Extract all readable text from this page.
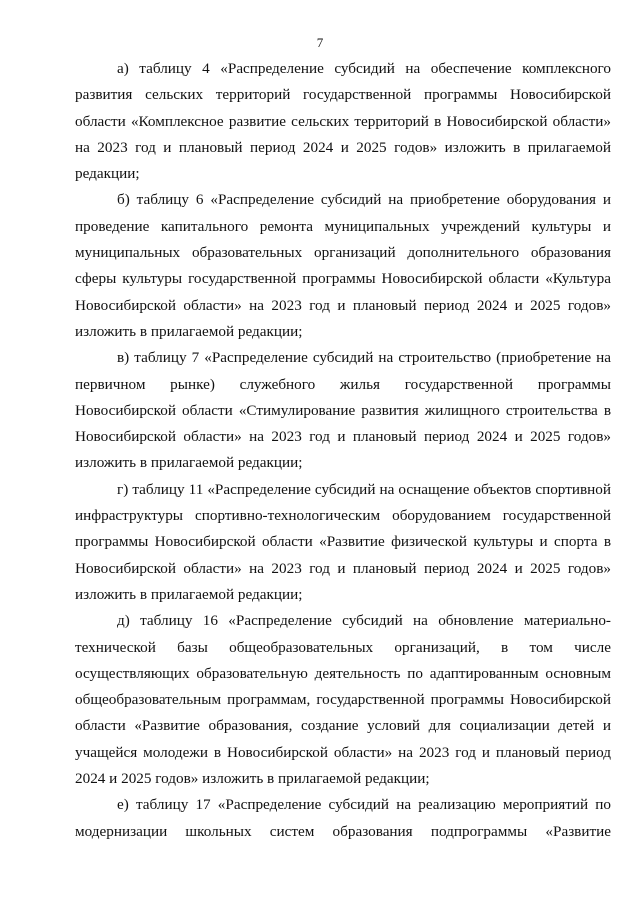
7

а) таблицу 4 «Распределение субсидий на обеспечение комплексного
развития сельских территорий государственной программы Новосибирской
области «Комплексное развитие сельских территорий в Новосибирской области»
на 2023 год и плановый период 2024 и 2025 годов» изложить в прилагаемой
редакции;

б) таблицу 6 «Распределение субсидий на приобретение оборудования и
проведение капитального ремонта муниципальных учреждений культуры и
муниципальных образовательных организаций дополнительного образования
сферы культуры государственной программы Новосибирской области «Культура
Новосибирской области» на 2023 год и плановый период 2024 и 2025 годов»
изложить в прилагаемой редакции;

в) таблицу 7 «Распределение субсидий на строительство (приобретение на
первичном рынке) служебного жилья государственной программы
Новосибирской области «Стимулирование развития жилищного строительства в
Новосибирской области» на 2023 год и плановый период 2024 и 2025 годов»
изложить в прилагаемой редакции;

г) таблицу 11 «Распределение субсидий на оснащение объектов спортивной
инфраструктуры спортивно-технологическим оборудованием государственной
программы Новосибирской области «Развитие физической культуры и спорта в
Новосибирской области» на 2023 год и плановый период 2024 и 2025 годов»
изложить в прилагаемой редакции;

д) таблицу 16 «Распределение субсидий на обновление материально-
технической базы общеобразовательных организаций, в том числе
осуществляющих образовательную деятельность по адаптированным основным
общеобразовательным программам, государственной программы Новосибирской
области «Развитие образования, создание условий для социализации детей и
учащейся молодежи в Новосибирской области» на 2023 год и плановый период
2024 и 2025 годов» изложить в прилагаемой редакции;

е) таблицу 17 «Распределение субсидий на реализацию мероприятий по
модернизации школьных систем образования подпрограммы «Развитие
